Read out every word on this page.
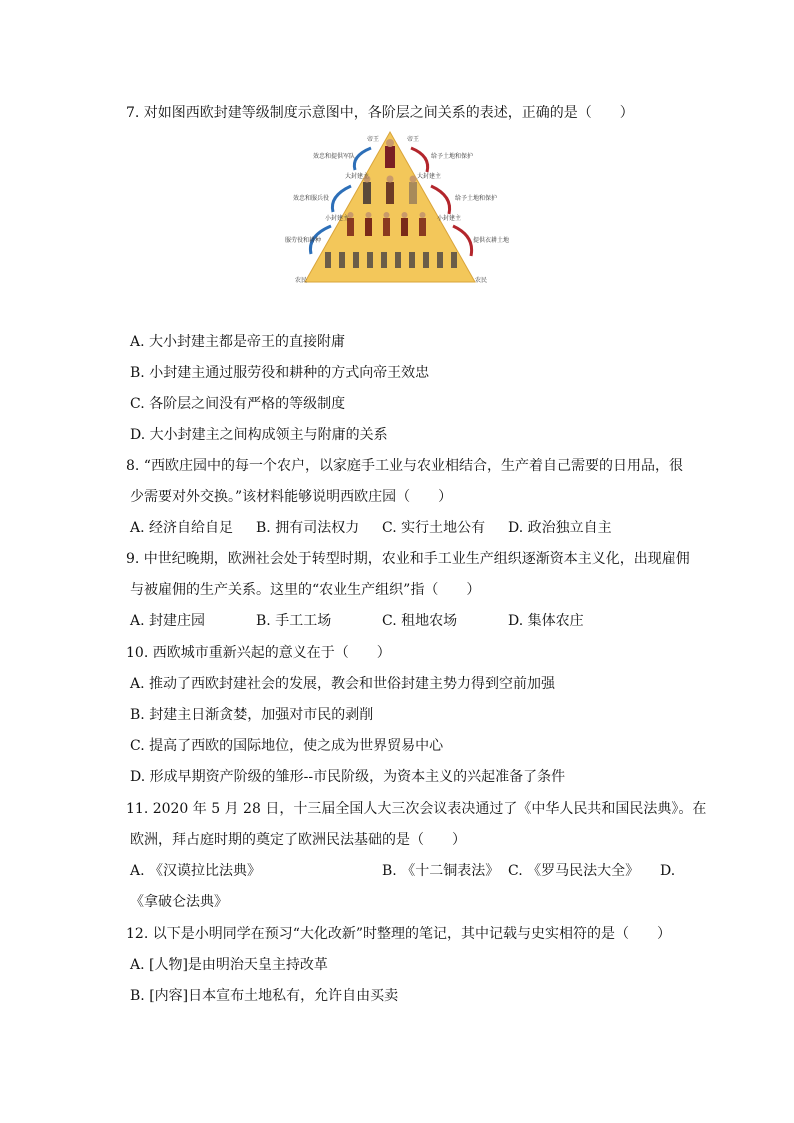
7. 对如图西欧封建等级制度示意图中，各阶层之间关系的表述，正确的是（　　）
帝王	帝王
大封建主	大封建主
小封建主	小封建主
农民	农民
效忠和提供军队
效忠和服兵役
服劳役和耕种
给予土地和保护
给予土地和保护
提供衣耕土地
A. 大小封建主都是帝王的直接附庸
B. 小封建主通过服劳役和耕种的方式向帝王效忠
C. 各阶层之间没有严格的等级制度
D. 大小封建主之间构成领主与附庸的关系
8. “西欧庄园中的每一个农户，以家庭手工业与农业相结合，生产着自己需要的日用品，很
少需要对外交换。”该材料能够说明西欧庄园（　　）
A. 经济自给自足 B. 拥有司法权力 C. 实行土地公有 D. 政治独立自主
9. 中世纪晚期，欧洲社会处于转型时期，农业和手工业生产组织逐渐资本主义化，出现雇佣
与被雇佣的生产关系。这里的“农业生产组织”指（　　）
A. 封建庄园	B. 手工工场	C. 租地农场	D. 集体农庄
10. 西欧城市重新兴起的意义在于（　　）
A. 推动了西欧封建社会的发展，教会和世俗封建主势力得到空前加强
B. 封建主日渐贪婪，加强对市民的剥削
C. 提高了西欧的国际地位，使之成为世界贸易中心
D. 形成早期资产阶级的雏形--市民阶级，为资本主义的兴起准备了条件
11. 2020 年 5 月 28 日，十三届全国人大三次会议表决通过了《中华人民共和国民法典》。在
欧洲，拜占庭时期的奠定了欧洲民法基础的是（　　）
A. 《汉谟拉比法典》	B. 《十二铜表法》 C. 《罗马民法大全》 D.
《拿破仑法典》
12. 以下是小明同学在预习“大化改新”时整理的笔记，其中记载与史实相符的是（　　）
A. [人物]是由明治天皇主持改革
B. [内容]日本宣布土地私有，允许自由买卖
